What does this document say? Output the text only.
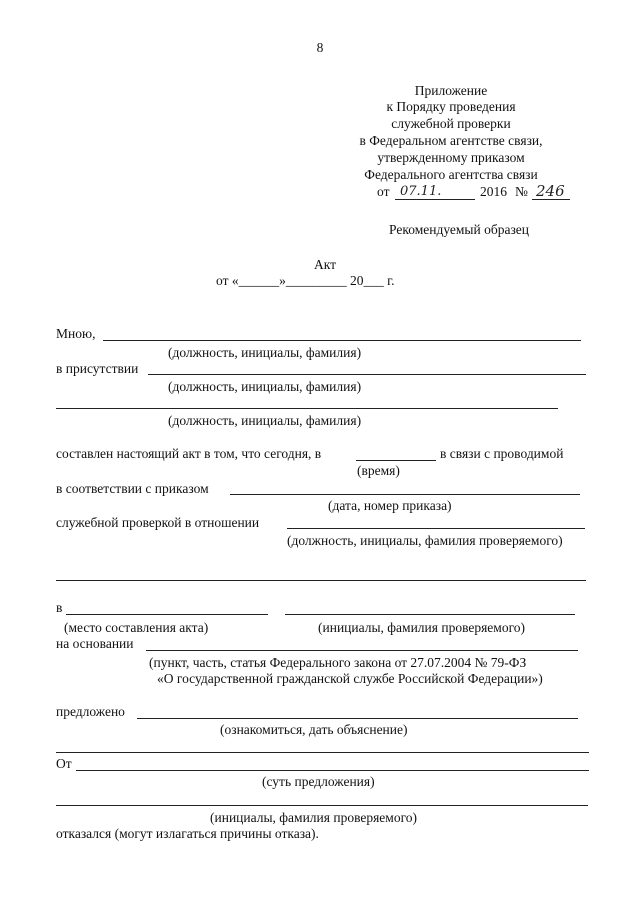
8
Приложение
к Порядку проведения
служебной проверки
в Федеральном агентстве связи,
утвержденному приказом
Федерального агентства связи
от 07.11.	2016 № 246
Рекомендуемый образец
Акт
от «______»_________ 20___ г.
Мною,
(должность, инициалы, фамилия)
в присутствии
(должность, инициалы, фамилия)
(должность, инициалы, фамилия)
составлен настоящий акт в том, что сегодня, в	в связи с проводимой
(время)
в соответствии с приказом
(дата, номер приказа)
служебной проверкой в отношении
(должность, инициалы, фамилия проверяемого)
в
(место составления акта)	(инициалы, фамилия проверяемого)
на основании
(пункт, часть, статья Федерального закона от 27.07.2004 № 79-ФЗ
«О государственной гражданской службе Российской Федерации»)
предложено
(ознакомиться, дать объяснение)
От
(суть предложения)
(инициалы, фамилия проверяемого)
отказался (могут излагаться причины отказа).
